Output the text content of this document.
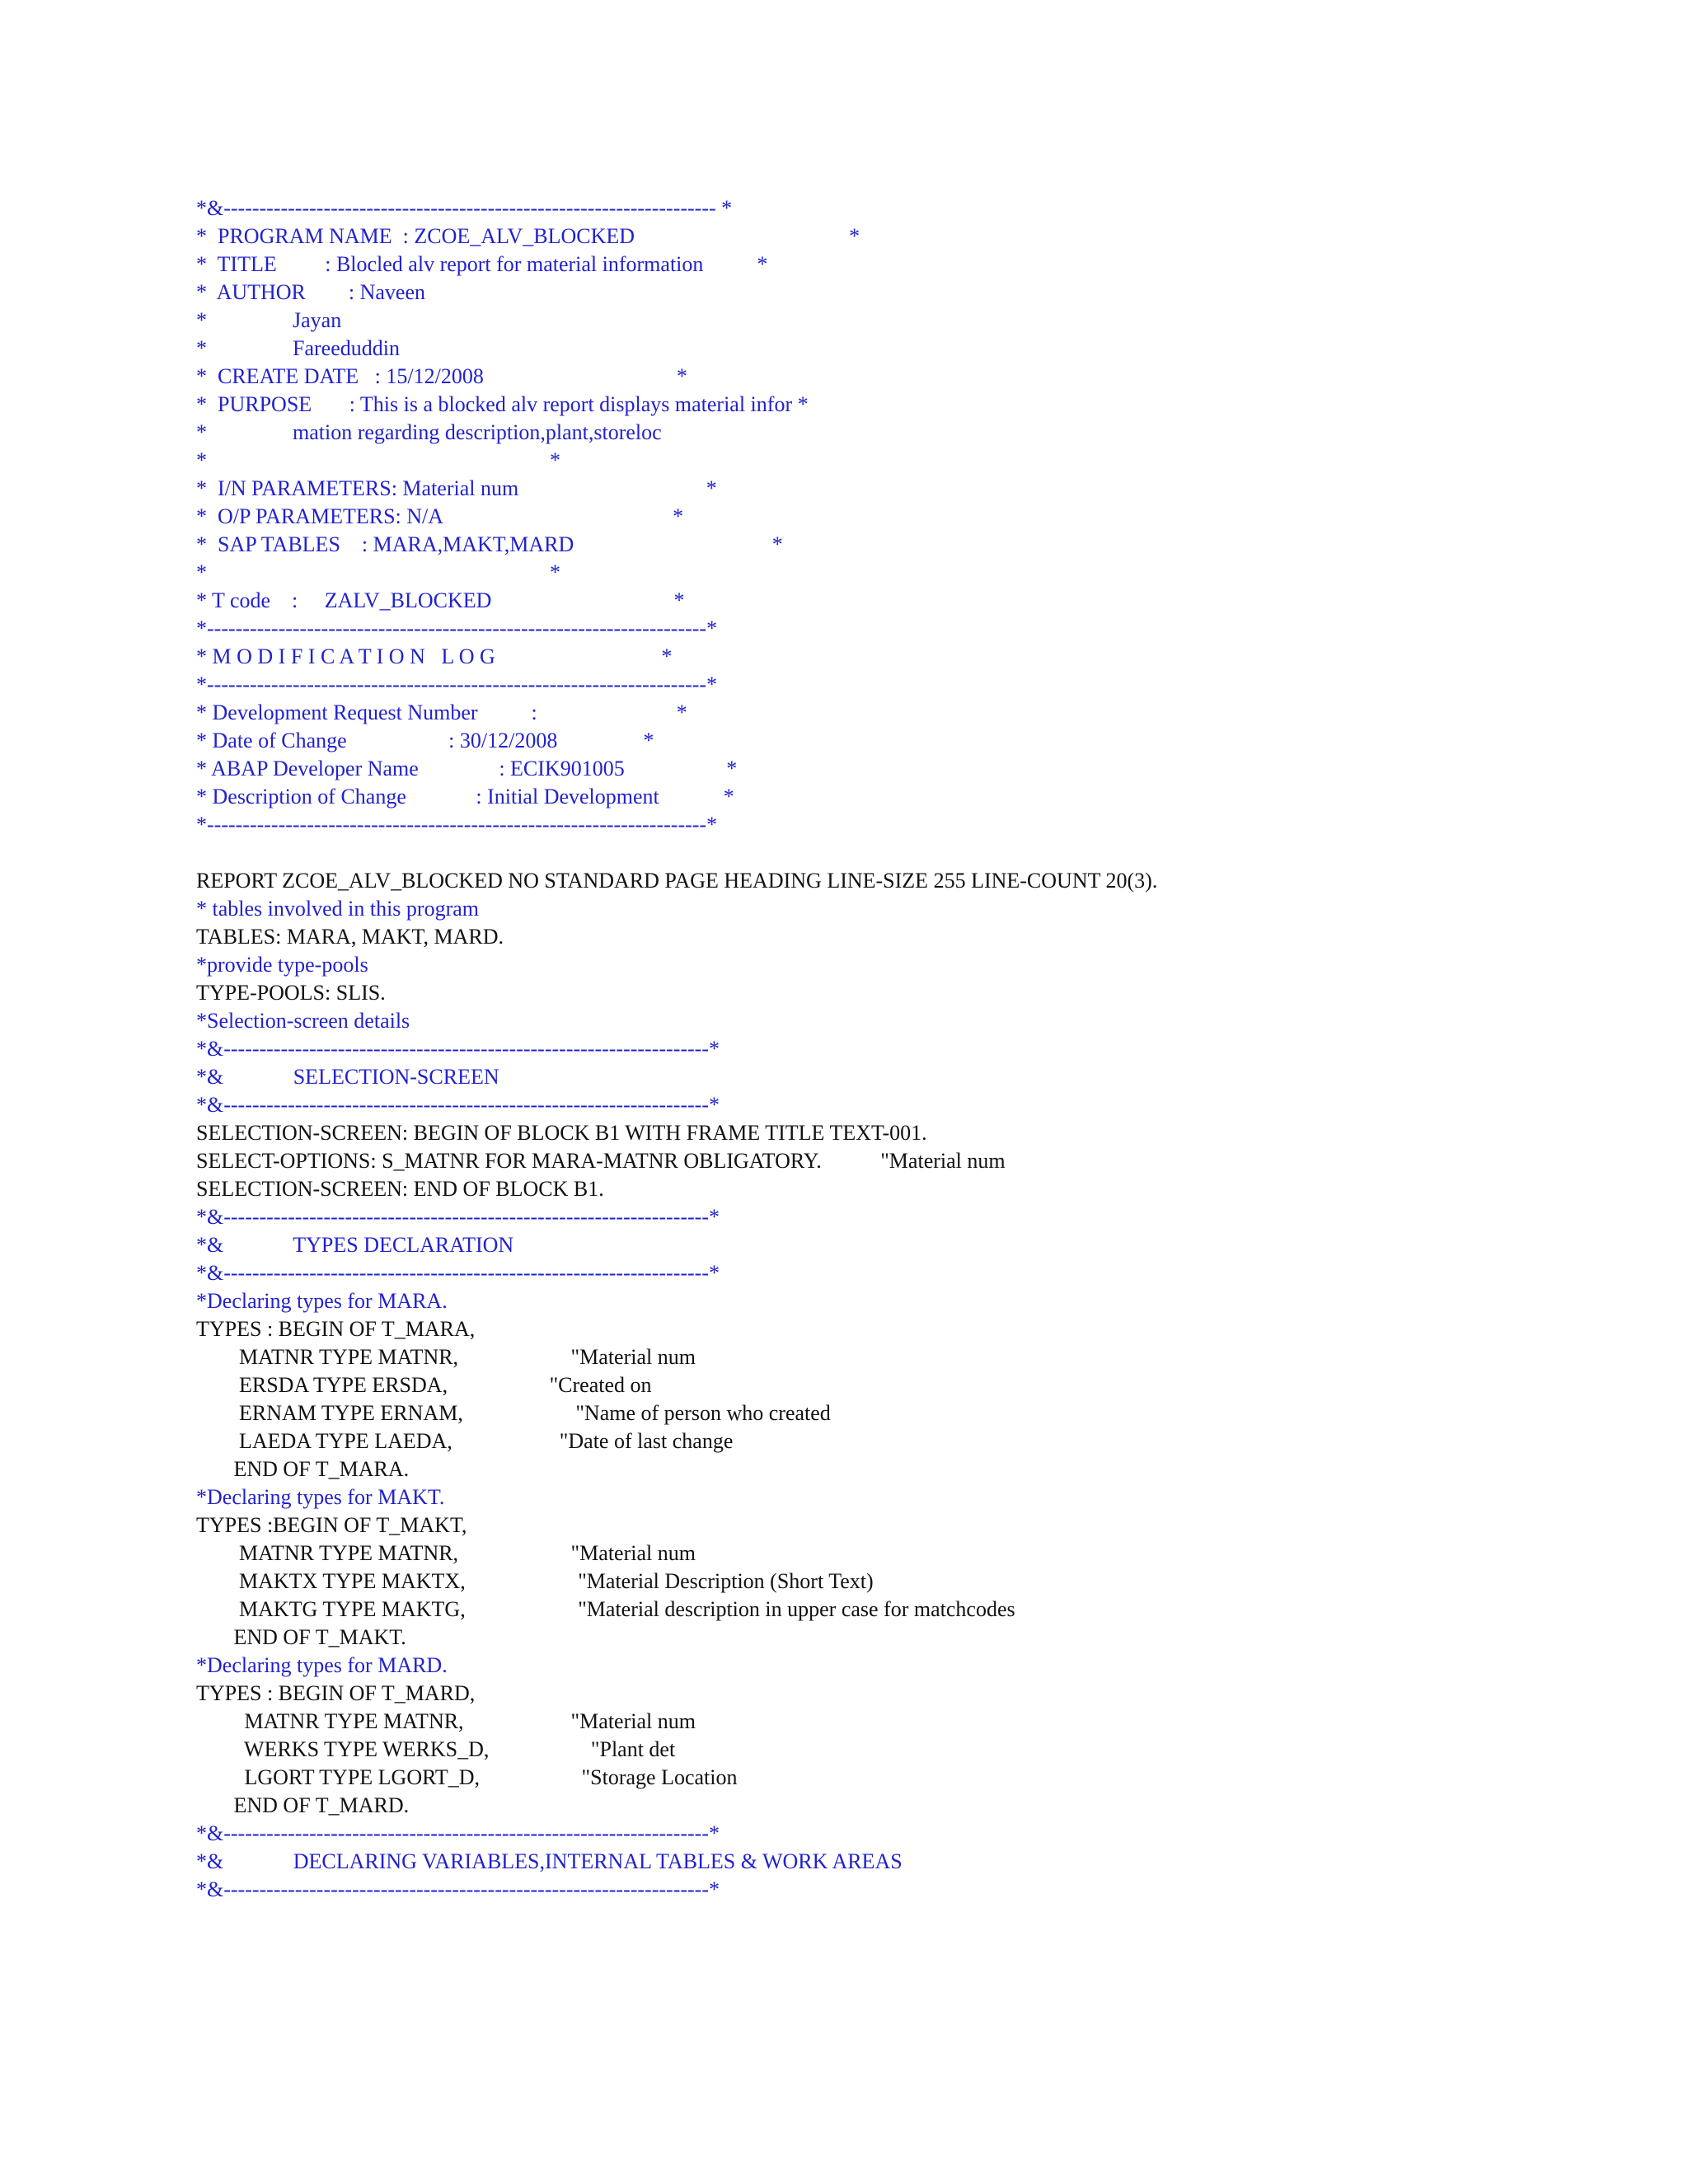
*&--------------------------------------------------------------------- *
*  PROGRAM NAME  : ZCOE_ALV_BLOCKED                                        *
*  TITLE         : Blocled alv report for material information          *
*  AUTHOR        : Naveen
*                Jayan
*                Fareeduddin
*  CREATE DATE   : 15/12/2008                                    *
*  PURPOSE       : This is a blocked alv report displays material infor *
*                mation regarding description,plant,storeloc
*                                                                *
*  I/N PARAMETERS: Material num                                   *
*  O/P PARAMETERS: N/A                                           *
*  SAP TABLES    : MARA,MAKT,MARD                                     *
*                                                                *
* T code    :     ZALV_BLOCKED                                  *
*----------------------------------------------------------------------*
* M O D I F I C A T I O N   L O G                               *
*----------------------------------------------------------------------*
* Development Request Number          :                          *
* Date of Change                   : 30/12/2008                *
* ABAP Developer Name               : ECIK901005                   *
* Description of Change             : Initial Development            *
*----------------------------------------------------------------------*
REPORT ZCOE_ALV_BLOCKED NO STANDARD PAGE HEADING LINE-SIZE 255 LINE-COUNT 20(3).
* tables involved in this program
TABLES: MARA, MAKT, MARD.
*provide type-pools
TYPE-POOLS: SLIS.
*Selection-screen details
*&--------------------------------------------------------------------*
*&             SELECTION-SCREEN
*&--------------------------------------------------------------------*
SELECTION-SCREEN: BEGIN OF BLOCK B1 WITH FRAME TITLE TEXT-001.
SELECT-OPTIONS: S_MATNR FOR MARA-MATNR OBLIGATORY.           "Material num
SELECTION-SCREEN: END OF BLOCK B1.
*&--------------------------------------------------------------------*
*&             TYPES DECLARATION
*&--------------------------------------------------------------------*
*Declaring types for MARA.
TYPES : BEGIN OF T_MARA,
MATNR TYPE MATNR,                     "Material num
ERSDA TYPE ERSDA,                   "Created on
ERNAM TYPE ERNAM,                     "Name of person who created
LAEDA TYPE LAEDA,                    "Date of last change
END OF T_MARA.
*Declaring types for MAKT.
TYPES :BEGIN OF T_MAKT,
MATNR TYPE MATNR,                     "Material num
MAKTX TYPE MAKTX,                     "Material Description (Short Text)
MAKTG TYPE MAKTG,                     "Material description in upper case for matchcodes
END OF T_MAKT.
*Declaring types for MARD.
TYPES : BEGIN OF T_MARD,
MATNR TYPE MATNR,                    "Material num
WERKS TYPE WERKS_D,                   "Plant det
LGORT TYPE LGORT_D,                   "Storage Location
END OF T_MARD.
*&--------------------------------------------------------------------*
*&             DECLARING VARIABLES,INTERNAL TABLES & WORK AREAS
*&--------------------------------------------------------------------*
